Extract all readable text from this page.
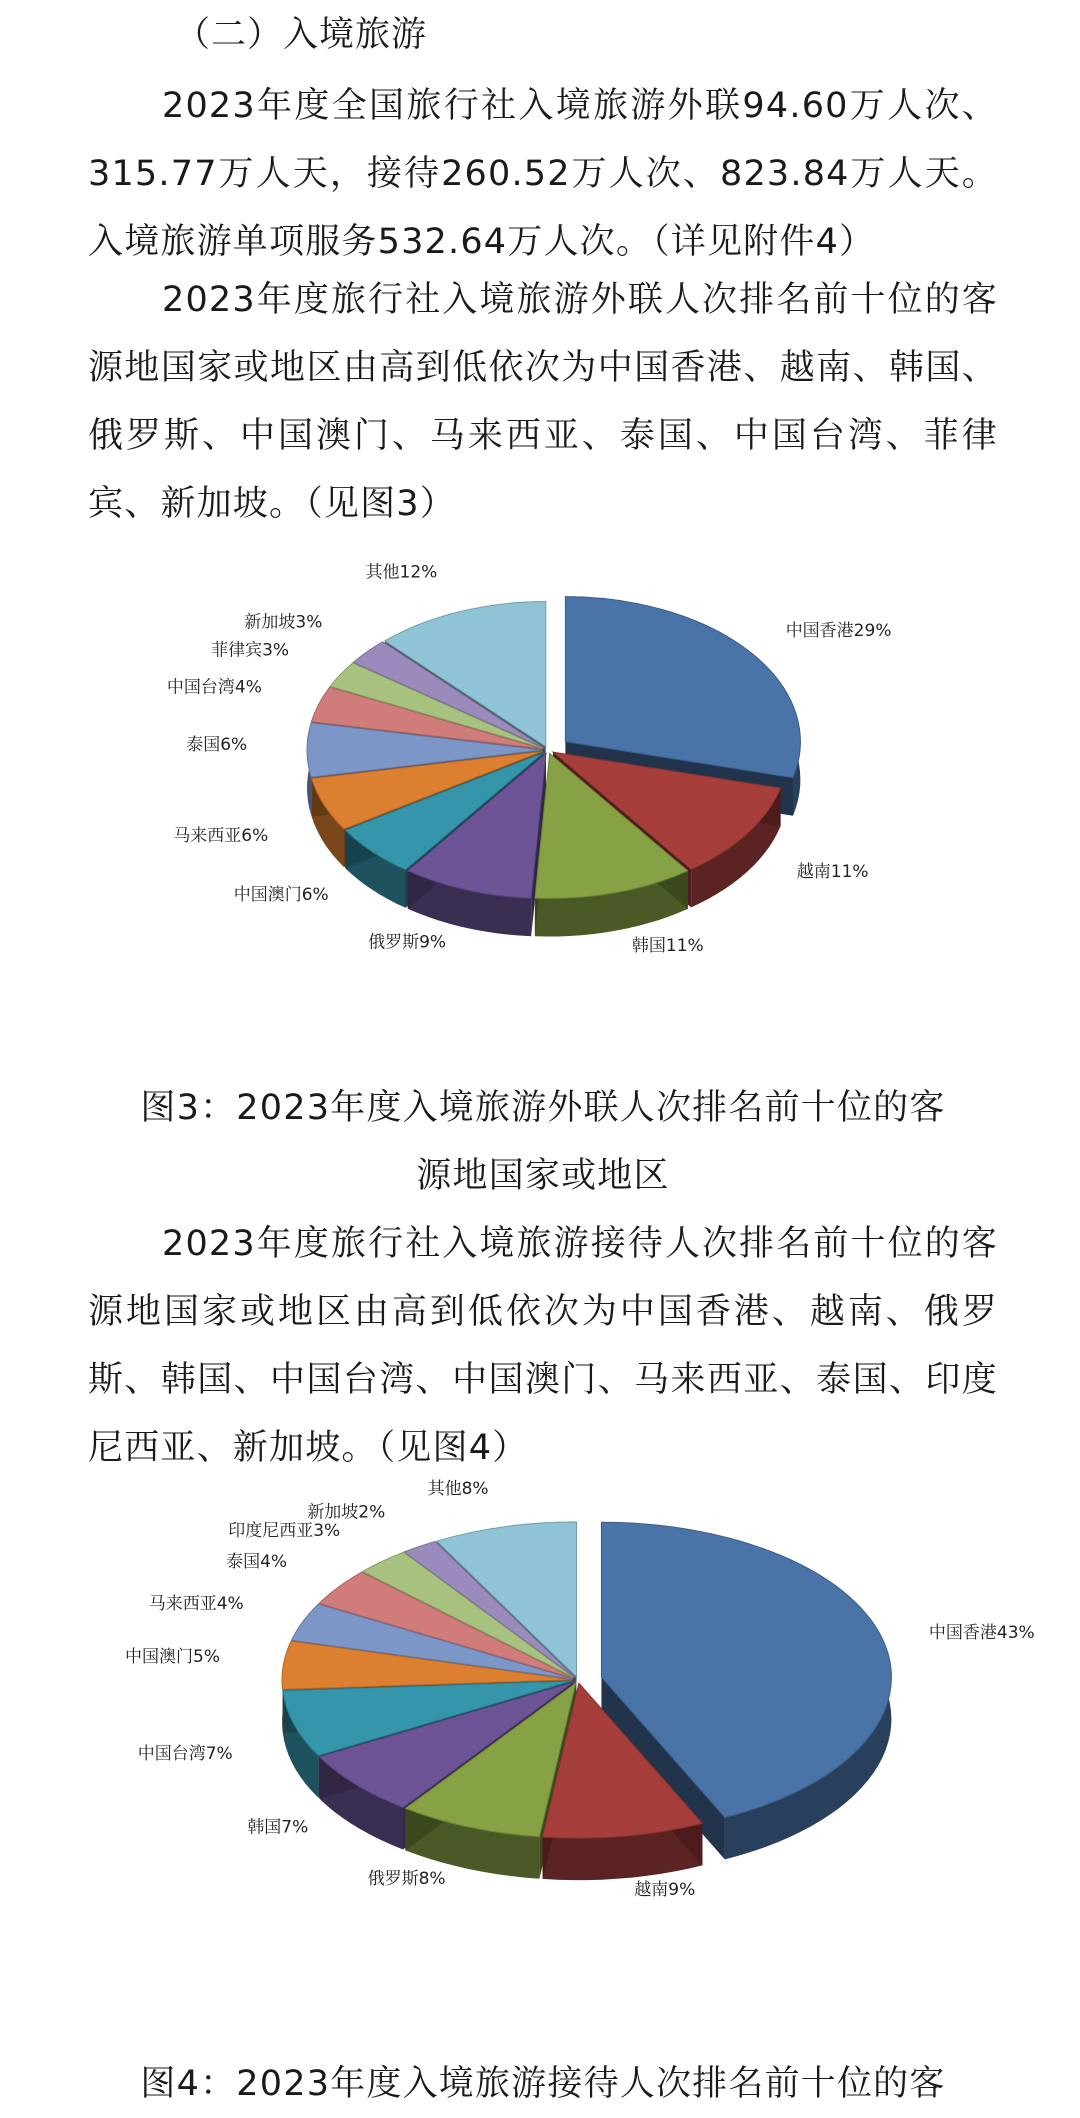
（二）入境旅游
2023年度全国旅行社入境旅游外联94.60万人次、315.77万人天，接待260.52万人次、823.84万人天。入境旅游单项服务532.64万人次。（详见附件4）
2023年度旅行社入境旅游外联人次排名前十位的客源地国家或地区由高到低依次为中国香港、越南、韩国、俄罗斯、中国澳门、马来西亚、泰国、中国台湾、菲律宾、新加坡。（见图3）
中国香港29%
越南11%
韩国11%
俄罗斯9%
中国澳门6%
马来西亚6%
泰国6%
中国台湾4%
菲律宾3%
新加坡3%
其他12%
图3：2023年度入境旅游外联人次排名前十位的客
源地国家或地区
2023年度旅行社入境旅游接待人次排名前十位的客源地国家或地区由高到低依次为中国香港、越南、俄罗斯、韩国、中国台湾、中国澳门、马来西亚、泰国、印度尼西亚、新加坡。（见图4）
中国香港43%
越南9%
俄罗斯8%
韩国7%
中国台湾7%
中国澳门5%
马来西亚4%
泰国4%
印度尼西亚3%
新加坡2%
其他8%
图4：2023年度入境旅游接待人次排名前十位的客
